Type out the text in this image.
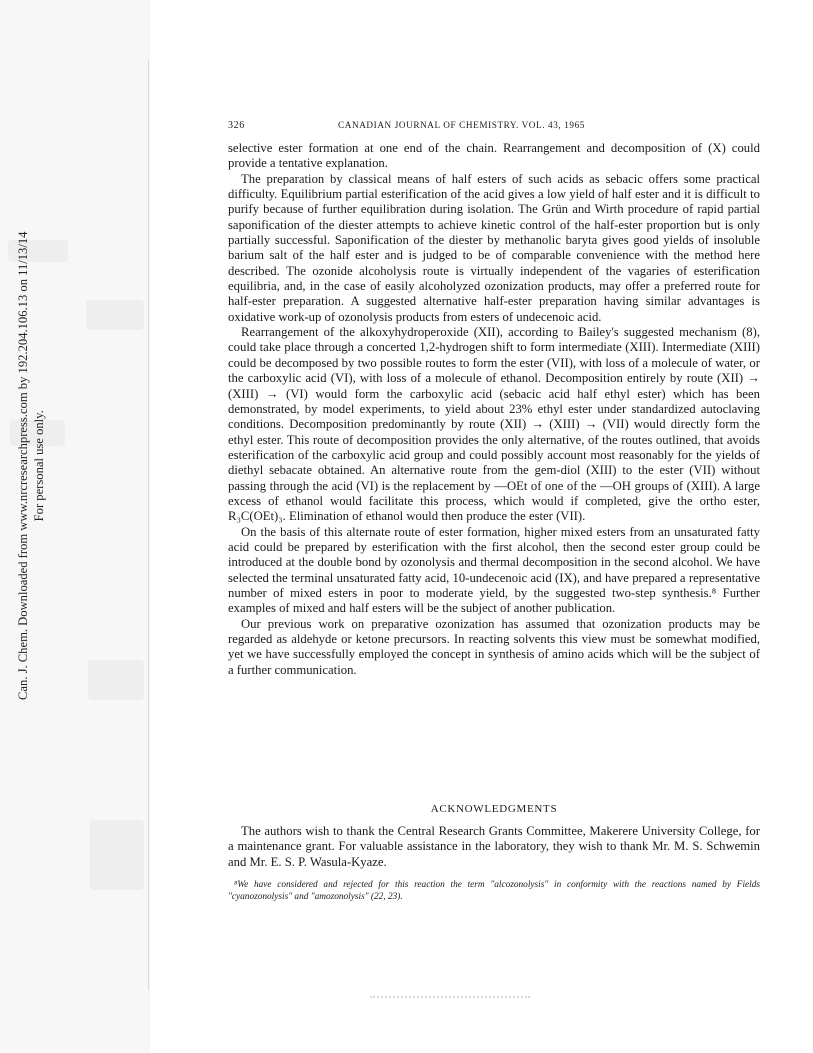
Can. J. Chem. Downloaded from www.nrcresearchpress.com by 192.204.106.13 on 11/13/14 For personal use only.
326	CANADIAN JOURNAL OF CHEMISTRY. VOL. 43, 1965

selective ester formation at one end of the chain. Rearrangement and decomposition of (X) could provide a tentative explanation.

The preparation by classical means of half esters of such acids as sebacic offers some practical difficulty. Equilibrium partial esterification of the acid gives a low yield of half ester and it is difficult to purify because of further equilibration during isolation. The Grün and Wirth procedure of rapid partial saponification of the diester attempts to achieve kinetic control of the half-ester proportion but is only partially successful. Saponification of the diester by methanolic baryta gives good yields of insoluble barium salt of the half ester and is judged to be of comparable convenience with the method here described. The ozonide alcoholysis route is virtually independent of the vagaries of esterification equilibria, and, in the case of easily alcoholyzed ozonization products, may offer a preferred route for half-ester preparation. A suggested alternative half-ester preparation having similar advantages is oxidative work-up of ozonolysis products from esters of undecenoic acid.

Rearrangement of the alkoxyhydroperoxide (XII), according to Bailey's suggested mechanism (8), could take place through a concerted 1,2-hydrogen shift to form intermediate (XIII). Intermediate (XIII) could be decomposed by two possible routes to form the ester (VII), with loss of a molecule of water, or the carboxylic acid (VI), with loss of a molecule of ethanol. Decomposition entirely by route (XII) → (XIII) → (VI) would form the carboxylic acid (sebacic acid half ethyl ester) which has been demonstrated, by model experiments, to yield about 23% ethyl ester under standardized autoclaving conditions. Decomposition predominantly by route (XII) → (XIII) → (VII) would directly form the ethyl ester. This route of decomposition provides the only alternative, of the routes outlined, that avoids esterification of the carboxylic acid group and could possibly account most reasonably for the yields of diethyl sebacate obtained. An alternative route from the gem-diol (XIII) to the ester (VII) without passing through the acid (VI) is the replacement by —OEt of one of the —OH groups of (XIII). A large excess of ethanol would facilitate this process, which would if completed, give the ortho ester, R₃C(OEt)₃. Elimination of ethanol would then produce the ester (VII).

On the basis of this alternate route of ester formation, higher mixed esters from an unsaturated fatty acid could be prepared by esterification with the first alcohol, then the second ester group could be introduced at the double bond by ozonolysis and thermal decomposition in the second alcohol. We have selected the terminal unsaturated fatty acid, 10-undecenoic acid (IX), and have prepared a representative number of mixed esters in poor to moderate yield, by the suggested two-step synthesis.⁸ Further examples of mixed and half esters will be the subject of another publication.

Our previous work on preparative ozonization has assumed that ozonization products may be regarded as aldehyde or ketone precursors. In reacting solvents this view must be somewhat modified, yet we have successfully employed the concept in synthesis of amino acids which will be the subject of a further communication.

ACKNOWLEDGMENTS

The authors wish to thank the Central Research Grants Committee, Makerere University College, for a maintenance grant. For valuable assistance in the laboratory, they wish to thank Mr. M. S. Schwemin and Mr. E. S. P. Wasula-Kyaze.

⁸We have considered and rejected for this reaction the term "alcozonolysis" in conformity with the reactions named by Fields "cyanozonolysis" and "amozonolysis" (22, 23).
